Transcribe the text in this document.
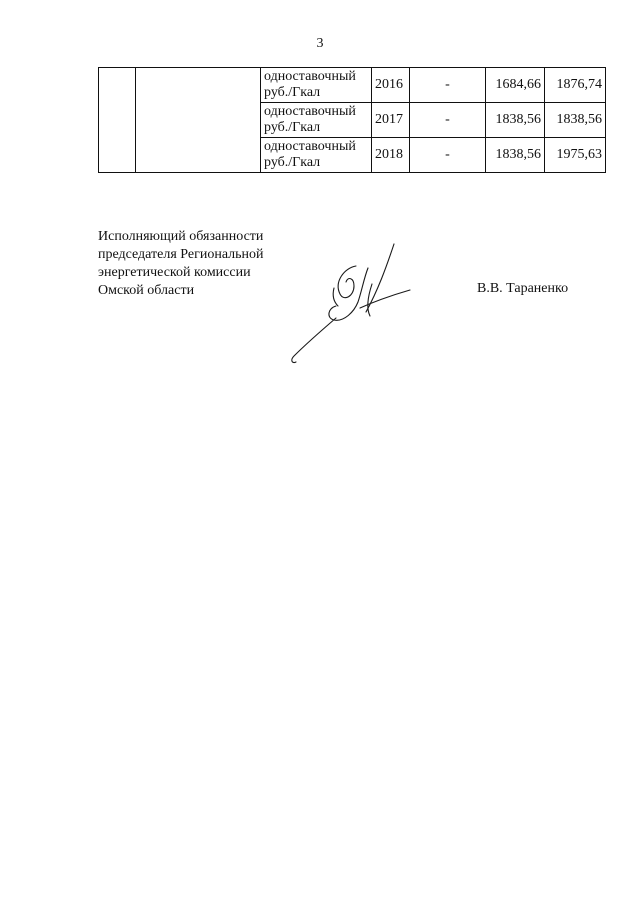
3

		одноставочный
руб./Гкал	2016	-	1684,66	1876,74

		одноставочный
руб./Гкал	2017	-	1838,56	1838,56

		одноставочный
руб./Гкал	2018	-	1838,56	1975,63
Исполняющий обязанности
председателя Региональной
энергетической комиссии
Омской области	В.В. Тараненко
